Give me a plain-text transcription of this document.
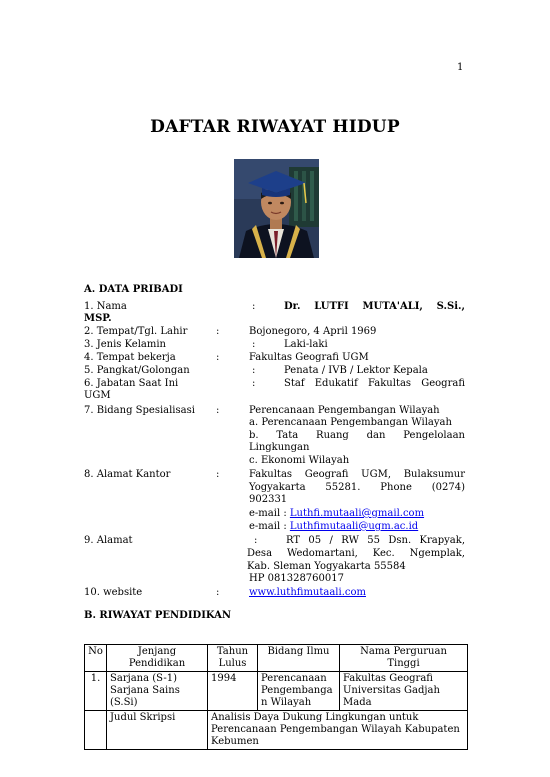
1
DAFTAR RIWAYAT HIDUP
A. DATA PRIBADI
1. Nama	:	Dr. LUTFI MUTA'ALI, S.Si.,
MSP.
2. Tempat/Tgl. Lahir	:	Bojonegoro, 4 April 1969
3. Jenis Kelamin	:	Laki-laki
4. Tempat bekerja	:	Fakultas Geografi UGM
5. Pangkat/Golongan	:	Penata / IVB / Lektor Kepala
6. Jabatan Saat Ini	:	Staf Edukatif Fakultas Geografi
UGM
7. Bidang Spesialisasi :	Perencanaan Pengembangan Wilayah
a. Perencanaan Pengembangan Wilayah
b. Tata Ruang dan Pengelolaan
Lingkungan
c. Ekonomi Wilayah
8. Alamat Kantor	:	Fakultas Geografi UGM, Bulaksumur
Yogyakarta 55281. Phone (0274)
902331
e-mail : Luthfi.mutaali@gmail.com
e-mail : Luthfimutaali@ugm.ac.id
9. Alamat	:	RT 05 / RW 55 Dsn. Krapyak,
Desa Wedomartani, Kec. Ngemplak,
Kab. Sleman Yogyakarta 55584
HP 081328760017
10. website	:	www.luthfimutaali.com
B. RIWAYAT PENDIDIKAN
No	Jenjang Pendidikan	Tahun Lulus	Bidang Ilmu	Nama Perguruan Tinggi
1.	Sarjana (S-1) Sarjana Sains (S.Si)	1994	Perencanaan Pengembangan Wilayah	Fakultas Geografi Universitas Gadjah Mada
	Judul Skripsi	Analisis Daya Dukung Lingkungan untuk Perencanaan Pengembangan Wilayah Kabupaten Kebumen		
